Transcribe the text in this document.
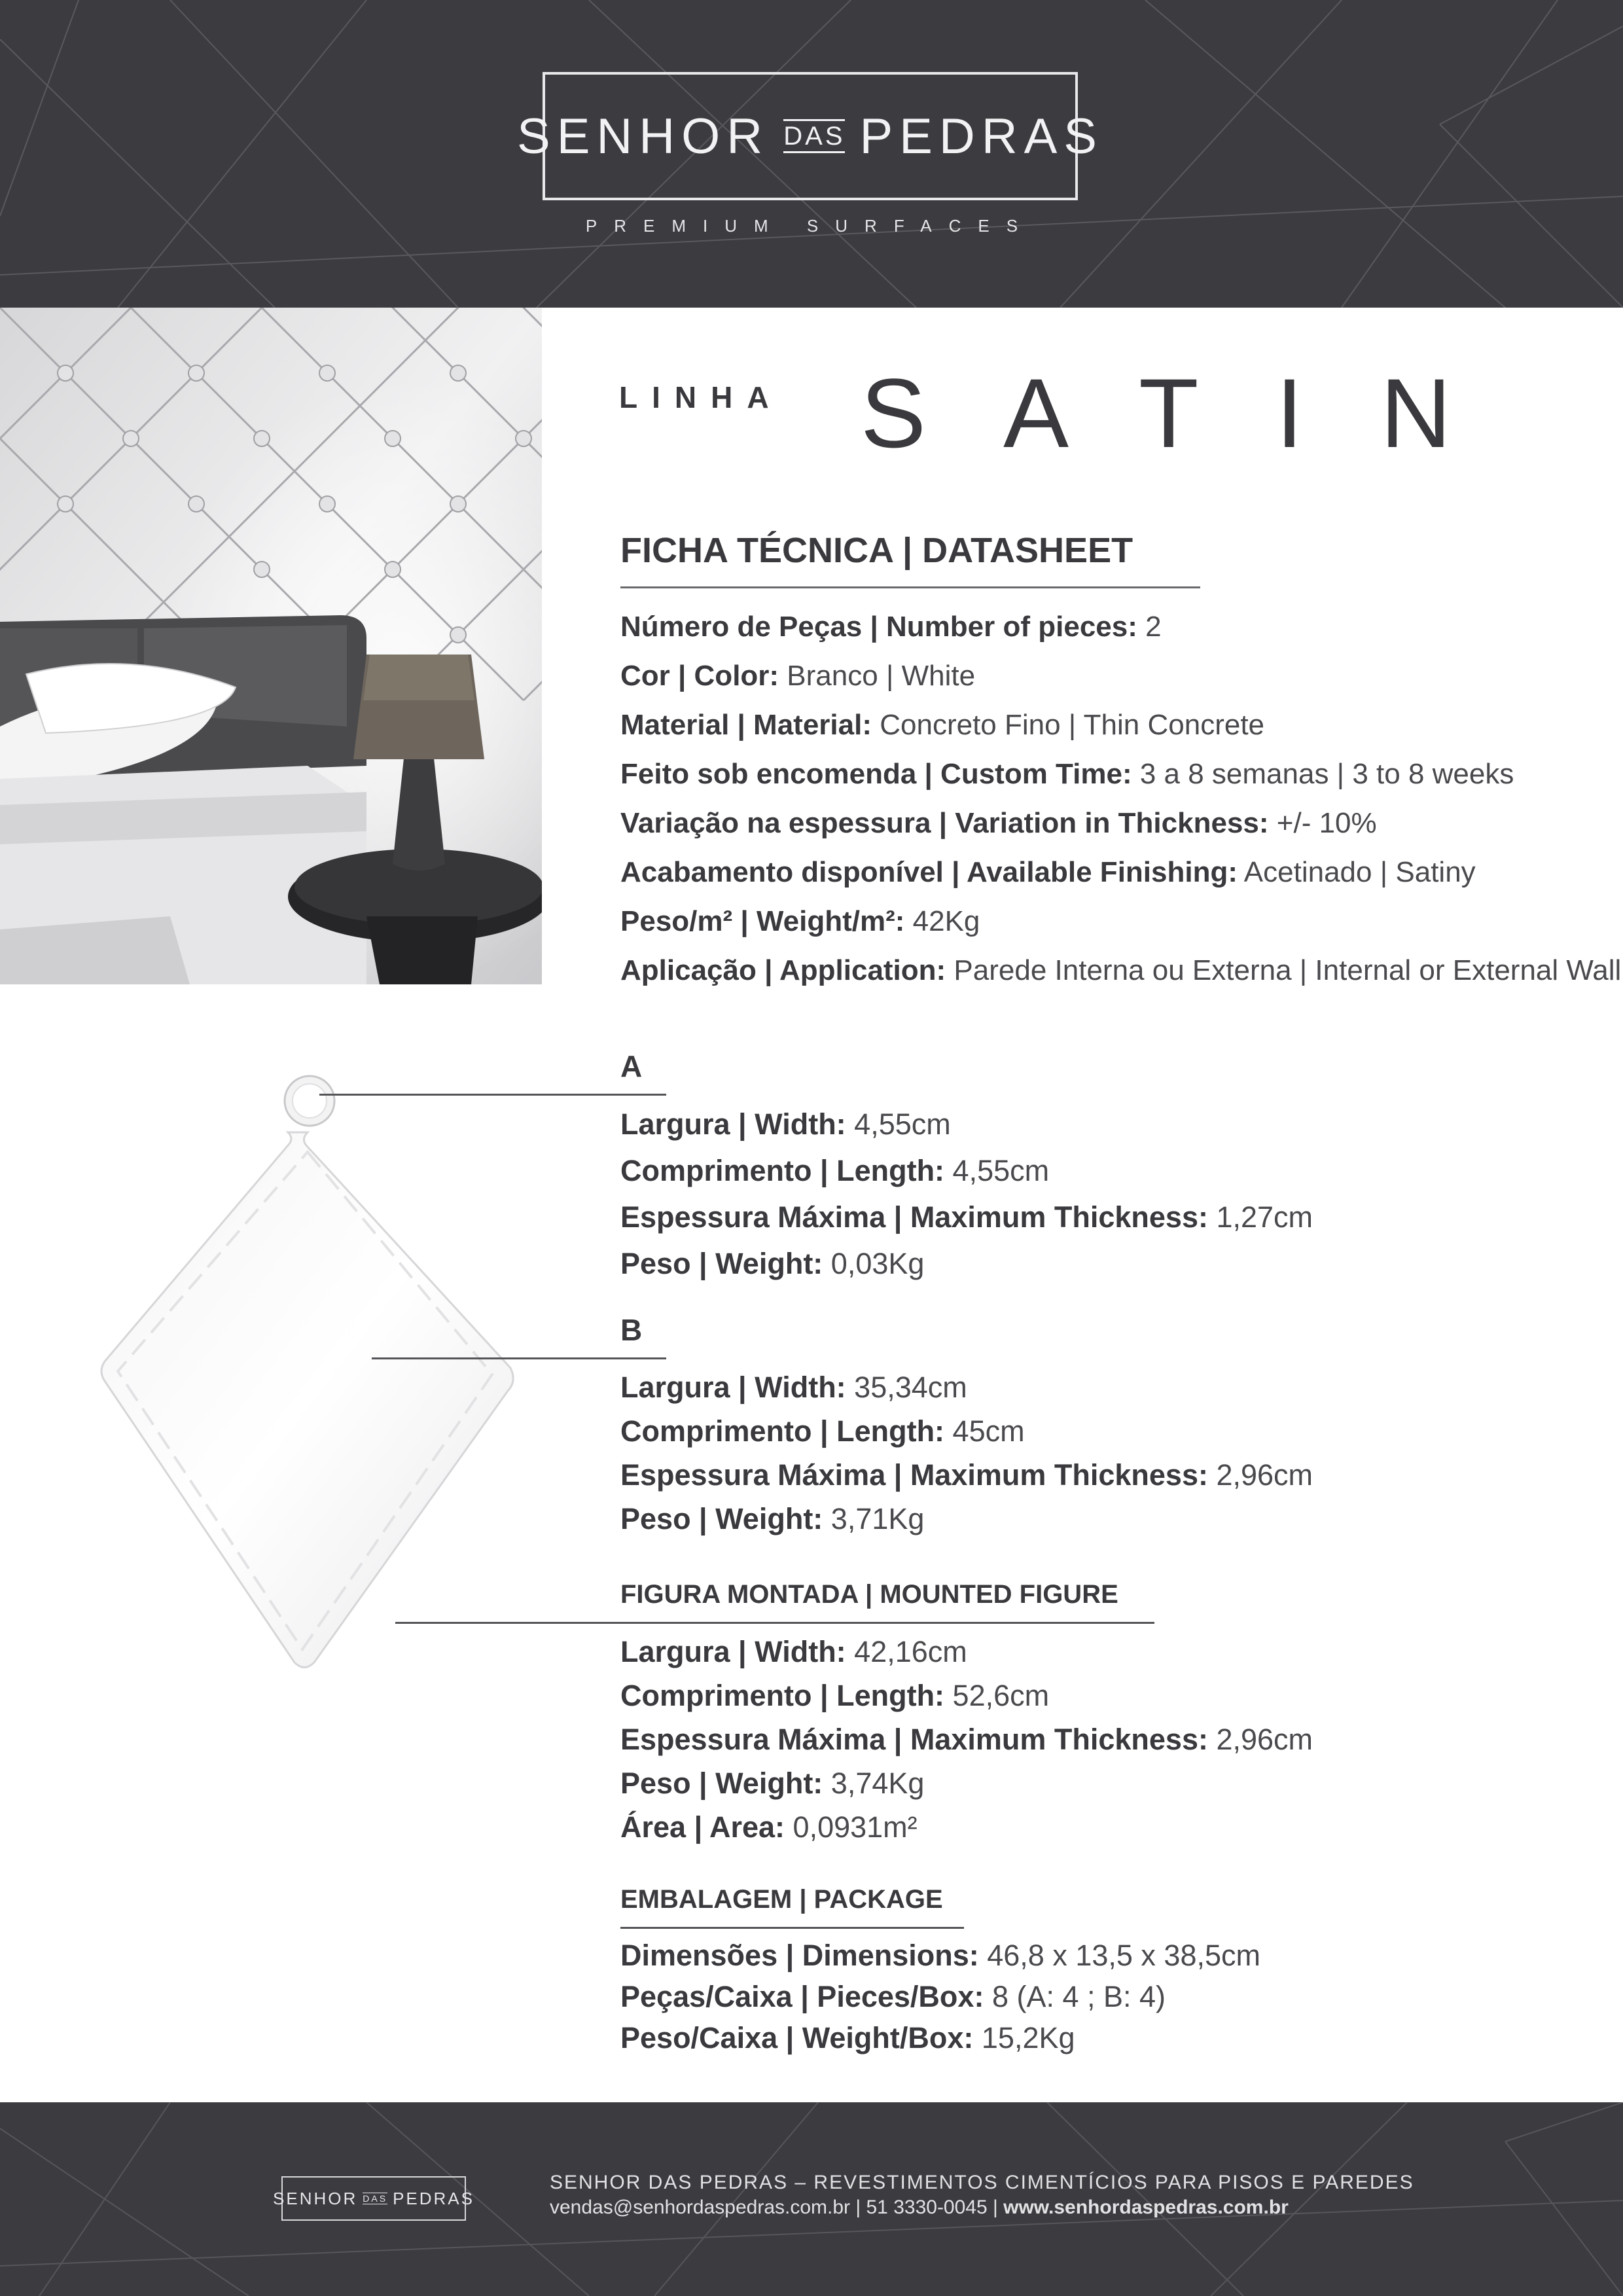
SENHOR DAS PEDRAS
PREMIUM SURFACES
LINHA SATIN
FICHA TÉCNICA | DATASHEET
Número de Peças | Number of pieces: 2
Cor | Color: Branco | White
Material | Material: Concreto Fino | Thin Concrete
Feito sob encomenda | Custom Time: 3 a 8 semanas | 3 to 8 weeks
Variação na espessura | Variation in Thickness: +/- 10%
Acabamento disponível | Available Finishing: Acetinado | Satiny
Peso/m² | Weight/m²: 42Kg
Aplicação | Application: Parede Interna ou Externa | Internal or External Wall
A
Largura | Width: 4,55cm
Comprimento | Length: 4,55cm
Espessura Máxima | Maximum Thickness: 1,27cm
Peso | Weight: 0,03Kg
B
Largura | Width: 35,34cm
Comprimento | Length: 45cm
Espessura Máxima | Maximum Thickness: 2,96cm
Peso | Weight: 3,71Kg
FIGURA MONTADA | MOUNTED FIGURE
Largura | Width: 42,16cm
Comprimento | Length: 52,6cm
Espessura Máxima | Maximum Thickness: 2,96cm
Peso | Weight: 3,74Kg
Área | Area: 0,0931m²
EMBALAGEM | PACKAGE
Dimensões | Dimensions: 46,8 x 13,5 x 38,5cm
Peças/Caixa | Pieces/Box: 8 (A: 4 ; B: 4)
Peso/Caixa | Weight/Box: 15,2Kg
SENHOR DAS PEDRAS
SENHOR DAS PEDRAS – REVESTIMENTOS CIMENTÍCIOS PARA PISOS E PAREDES
vendas@senhordaspedras.com.br | 51 3330-0045 | www.senhordaspedras.com.br
